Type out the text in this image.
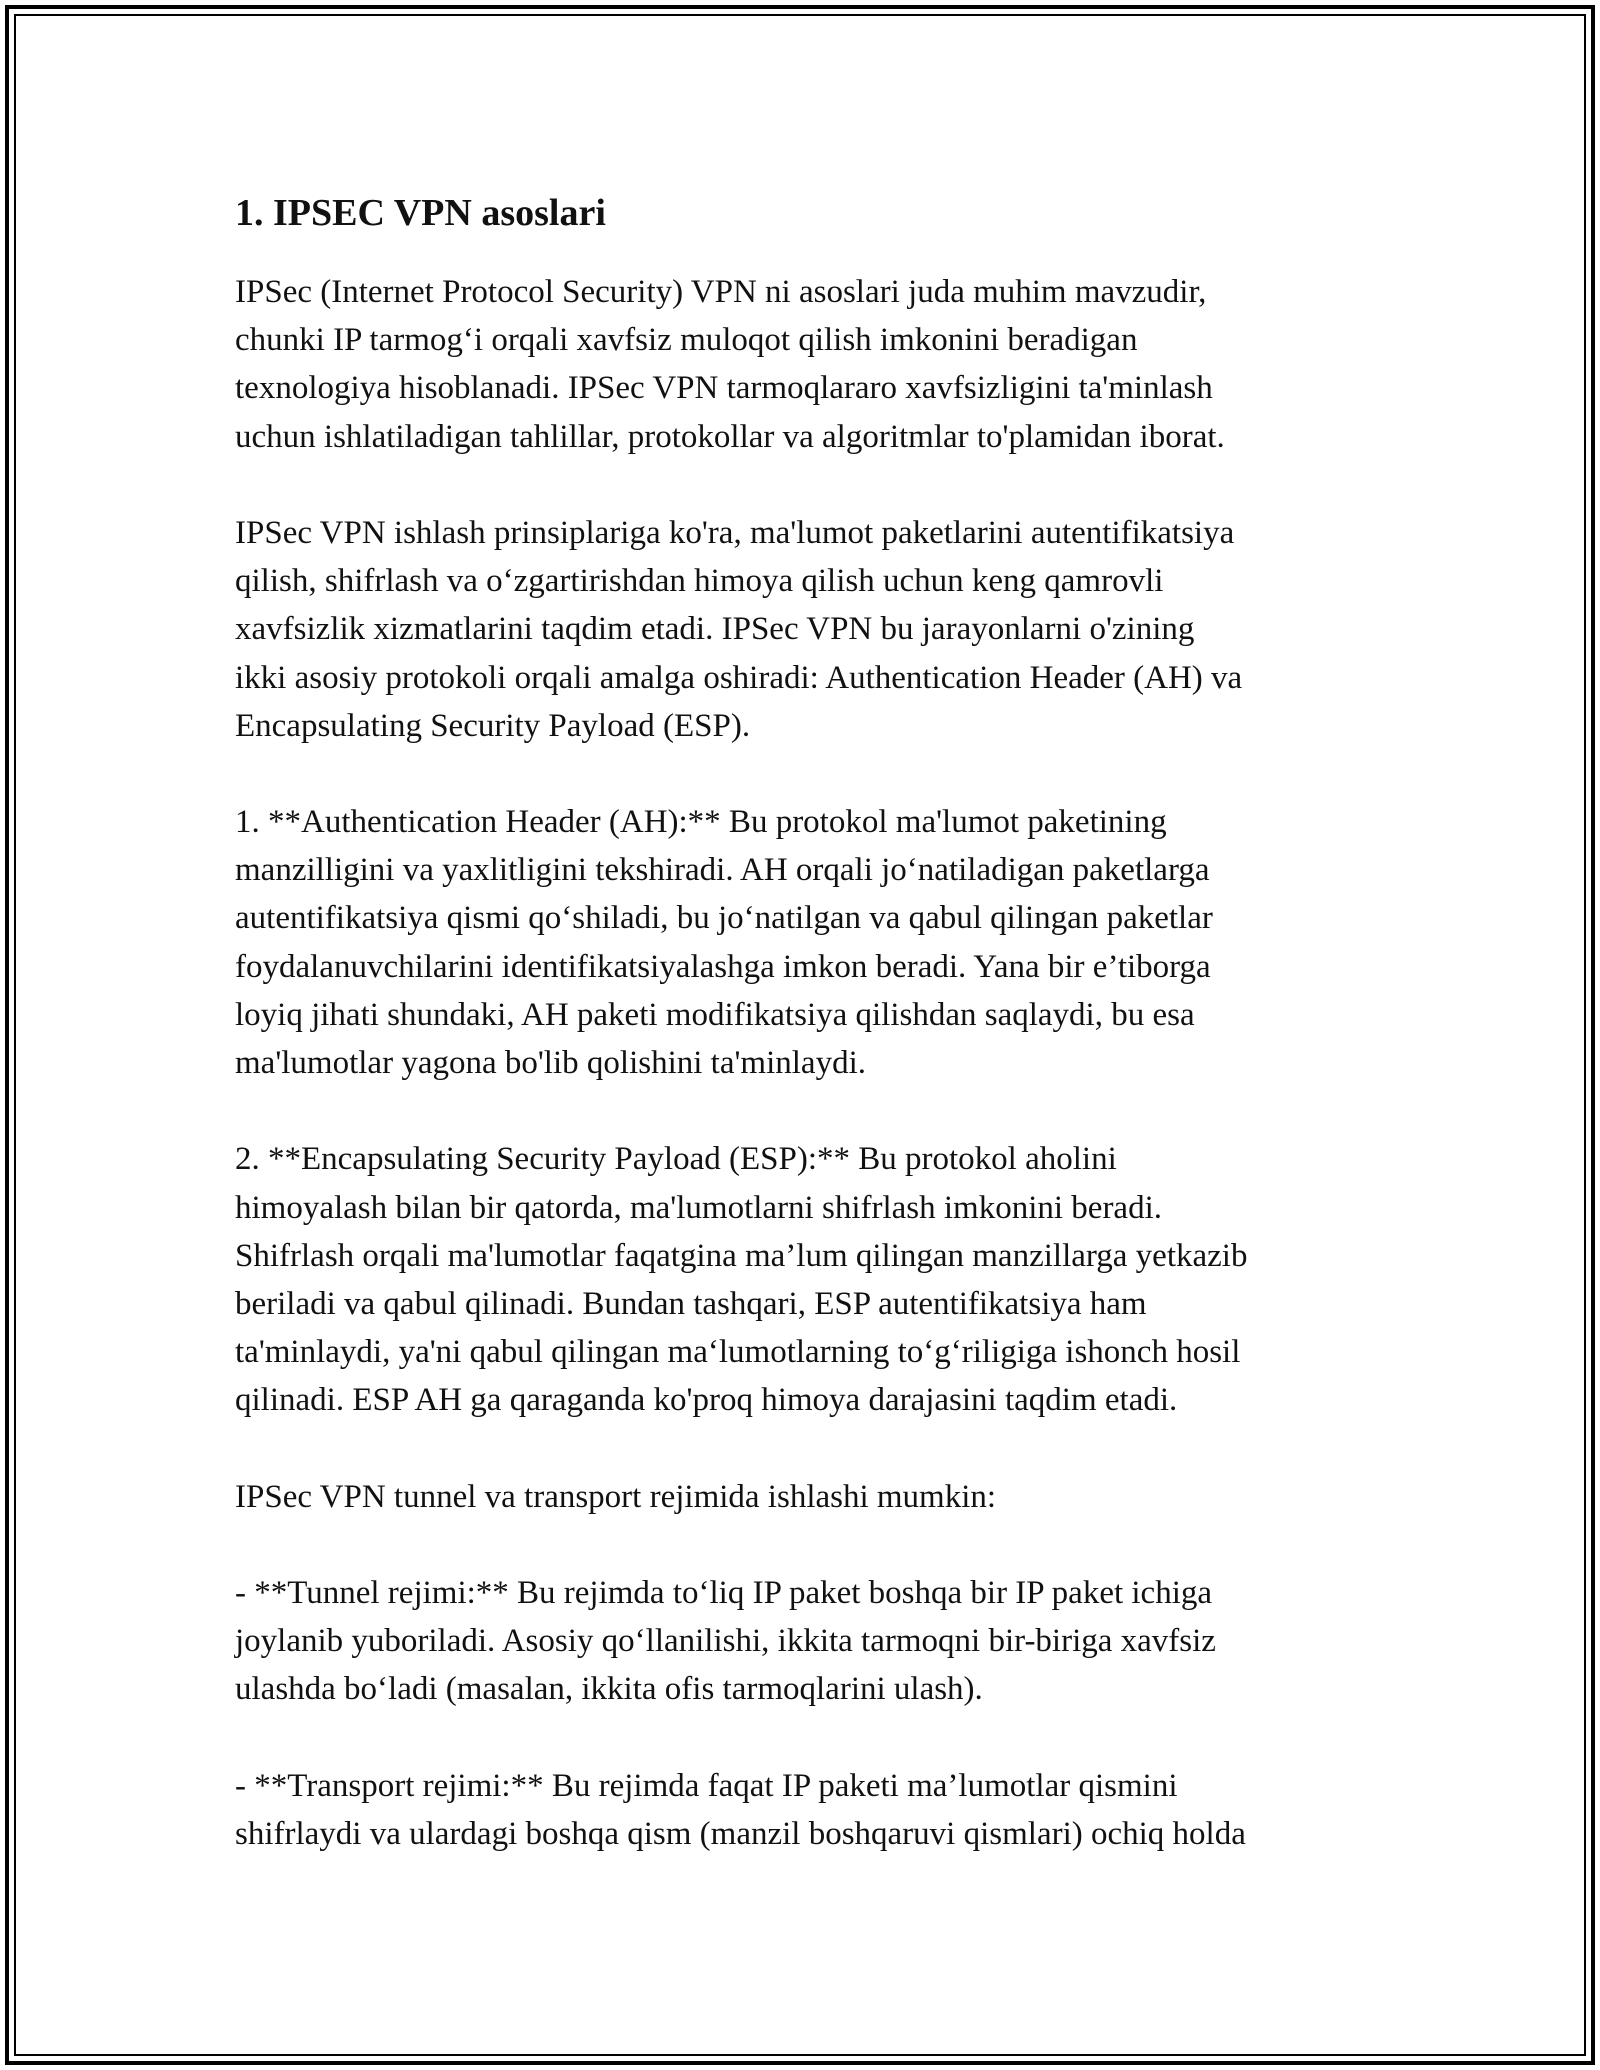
1. IPSEC VPN asoslari
IPSec (Internet Protocol Security) VPN ni asoslari juda muhim mavzudir,
chunki IP tarmog‘i orqali xavfsiz muloqot qilish imkonini beradigan
texnologiya hisoblanadi. IPSec VPN tarmoqlararo xavfsizligini ta'minlash
uchun ishlatiladigan tahlillar, protokollar va algoritmlar to'plamidan iborat.
IPSec VPN ishlash prinsiplariga ko'ra, ma'lumot paketlarini autentifikatsiya
qilish, shifrlash va o‘zgartirishdan himoya qilish uchun keng qamrovli
xavfsizlik xizmatlarini taqdim etadi. IPSec VPN bu jarayonlarni o'zining
ikki asosiy protokoli orqali amalga oshiradi: Authentication Header (AH) va
Encapsulating Security Payload (ESP).
1. **Authentication Header (AH):** Bu protokol ma'lumot paketining
manzilligini va yaxlitligini tekshiradi. AH orqali jo‘natiladigan paketlarga
autentifikatsiya qismi qo‘shiladi, bu jo‘natilgan va qabul qilingan paketlar
foydalanuvchilarini identifikatsiyalashga imkon beradi. Yana bir e’tiborga
loyiq jihati shundaki, AH paketi modifikatsiya qilishdan saqlaydi, bu esa
ma'lumotlar yagona bo'lib qolishini ta'minlaydi.
2. **Encapsulating Security Payload (ESP):** Bu protokol aholini
himoyalash bilan bir qatorda, ma'lumotlarni shifrlash imkonini beradi.
Shifrlash orqali ma'lumotlar faqatgina ma’lum qilingan manzillarga yetkazib
beriladi va qabul qilinadi. Bundan tashqari, ESP autentifikatsiya ham
ta'minlaydi, ya'ni qabul qilingan ma‘lumotlarning to‘g‘riligiga ishonch hosil
qilinadi. ESP AH ga qaraganda ko'proq himoya darajasini taqdim etadi.
IPSec VPN tunnel va transport rejimida ishlashi mumkin:
- **Tunnel rejimi:** Bu rejimda to‘liq IP paket boshqa bir IP paket ichiga
joylanib yuboriladi. Asosiy qo‘llanilishi, ikkita tarmoqni bir-biriga xavfsiz
ulashda bo‘ladi (masalan, ikkita ofis tarmoqlarini ulash).
- **Transport rejimi:** Bu rejimda faqat IP paketi ma’lumotlar qismini
shifrlaydi va ulardagi boshqa qism (manzil boshqaruvi qismlari) ochiq holda
